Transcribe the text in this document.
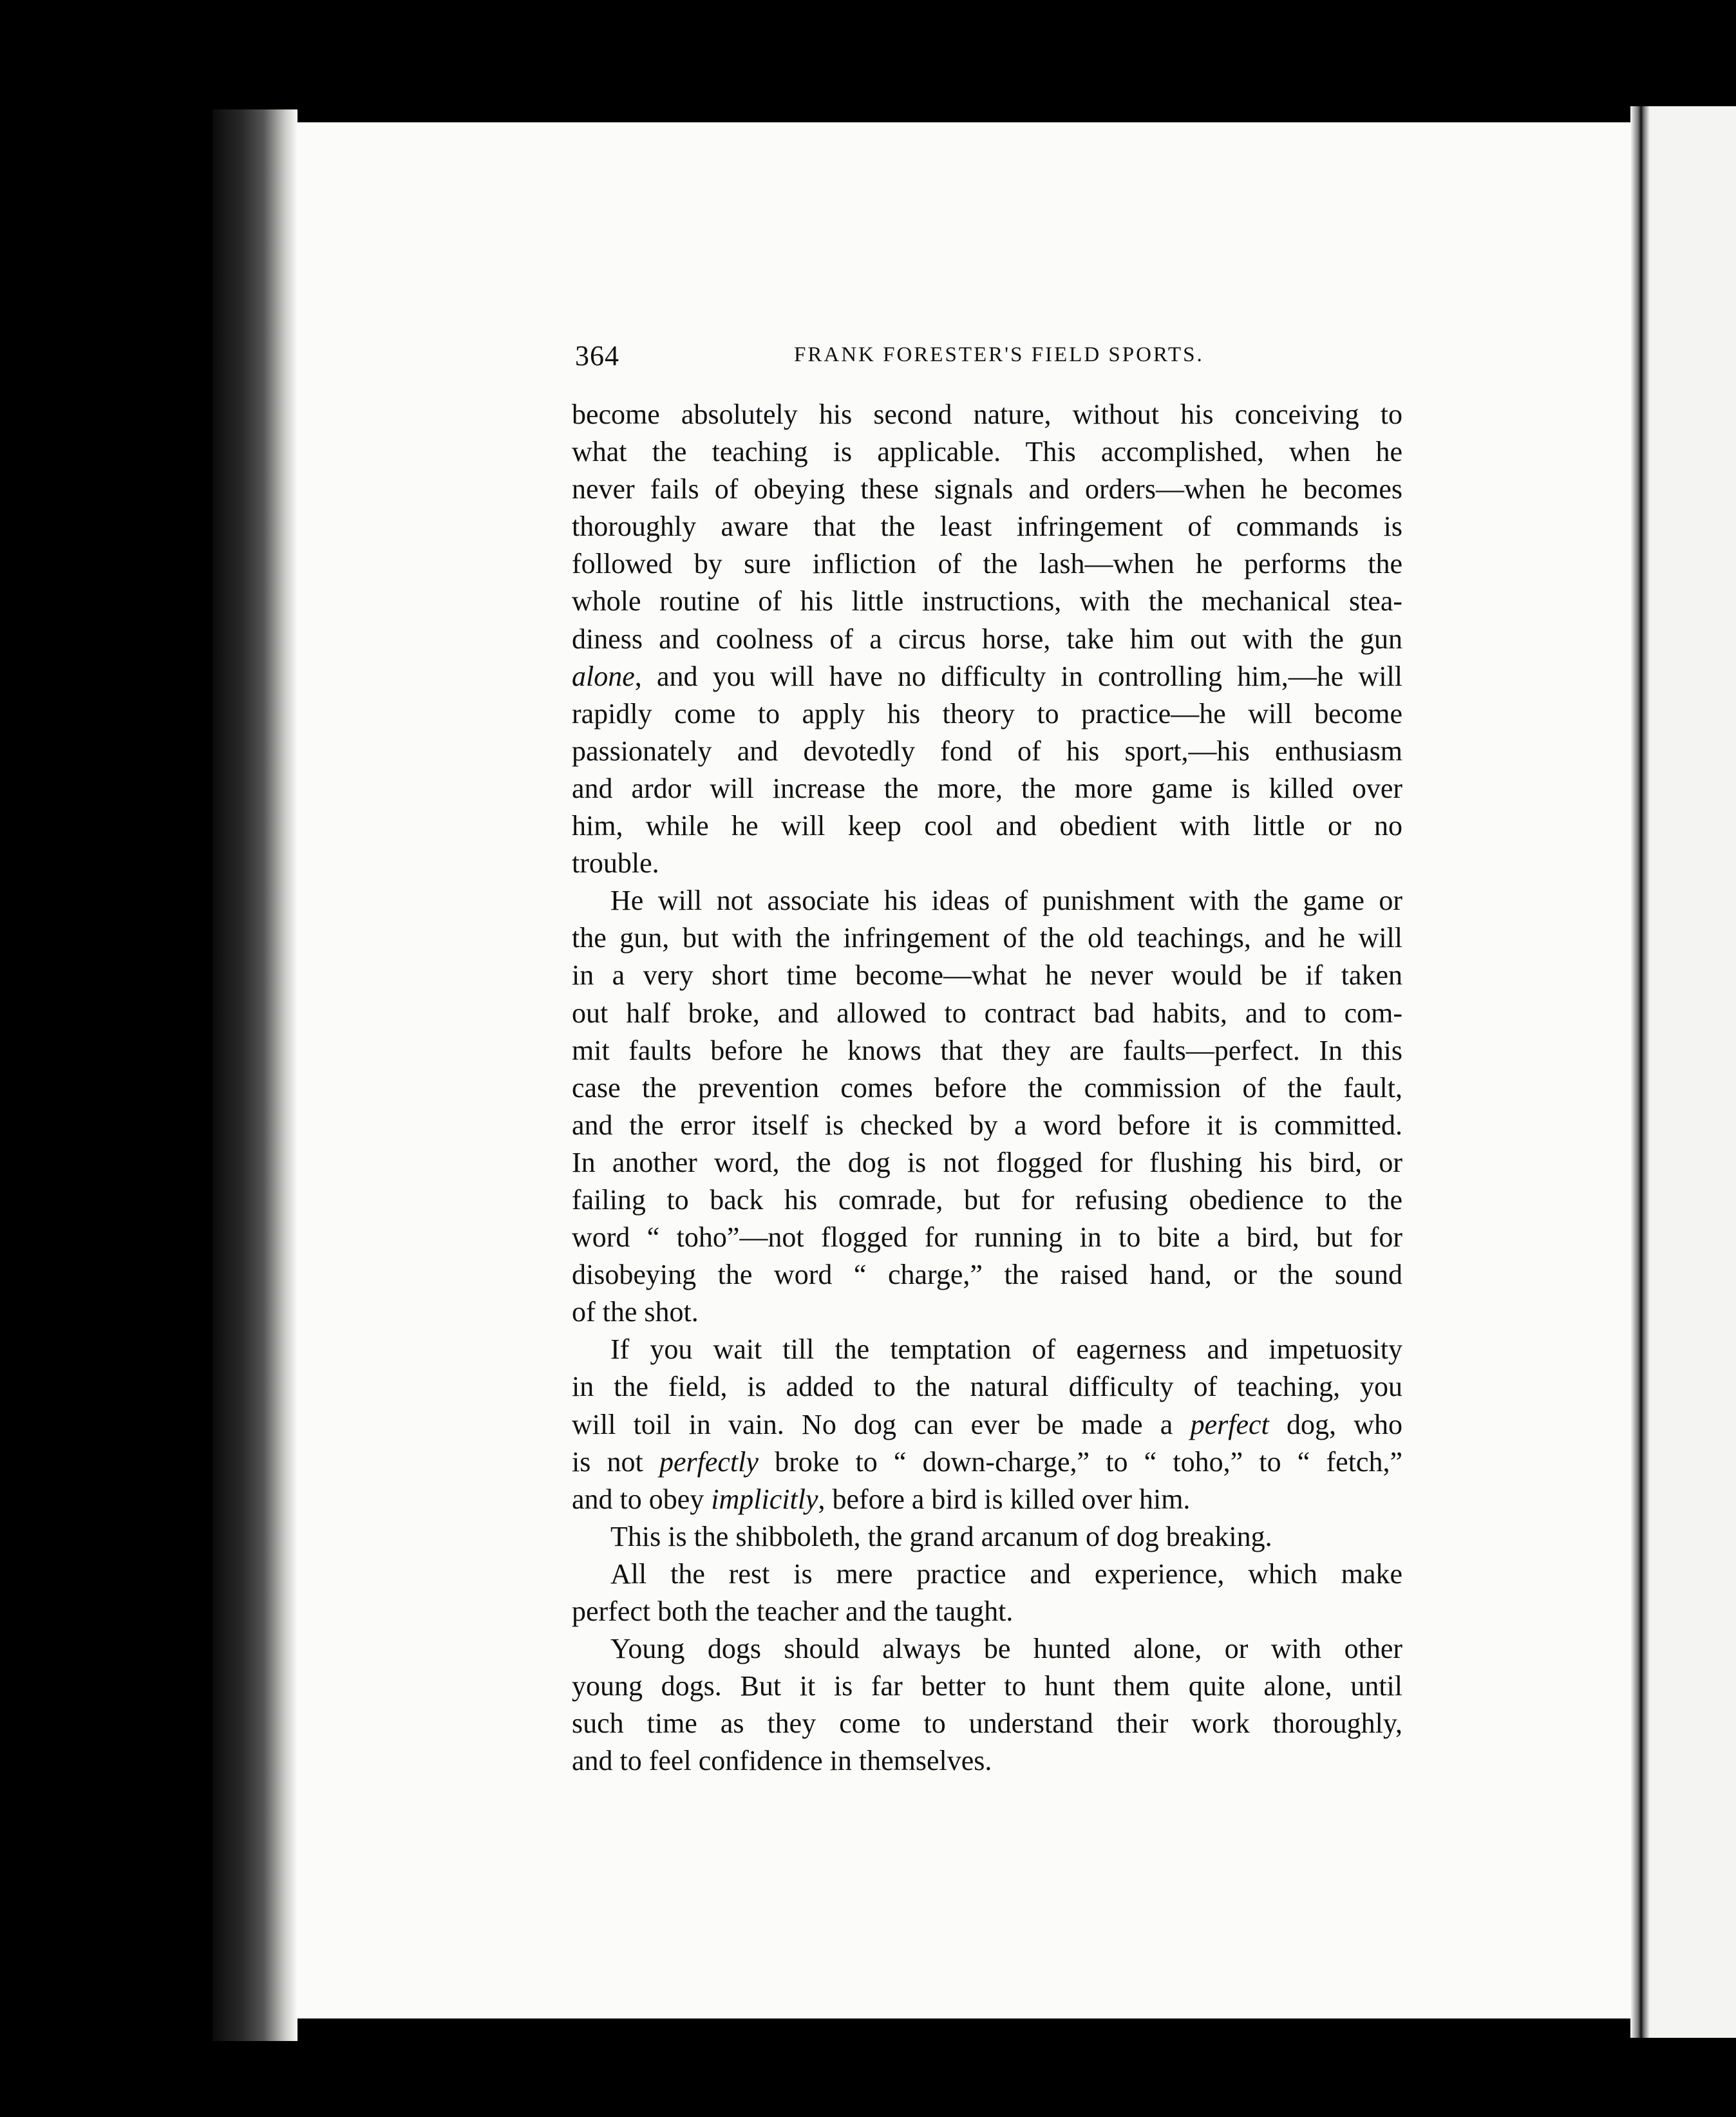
364	FRANK FORESTER'S FIELD SPORTS.
become absolutely his second nature, without his conceiving to
what the teaching is applicable. This accomplished, when he
never fails of obeying these signals and orders—when he becomes
thoroughly aware that the least infringement of commands is
followed by sure infliction of the lash—when he performs the
whole routine of his little instructions, with the mechanical stea-
diness and coolness of a circus horse, take him out with the gun
alone, and you will have no difficulty in controlling him,—he will
rapidly come to apply his theory to practice—he will become
passionately and devotedly fond of his sport,—his enthusiasm
and ardor will increase the more, the more game is killed over
him, while he will keep cool and obedient with little or no
trouble.
He will not associate his ideas of punishment with the game or
the gun, but with the infringement of the old teachings, and he will
in a very short time become—what he never would be if taken
out half broke, and allowed to contract bad habits, and to com-
mit faults before he knows that they are faults—perfect. In this
case the prevention comes before the commission of the fault,
and the error itself is checked by a word before it is committed.
In another word, the dog is not flogged for flushing his bird, or
failing to back his comrade, but for refusing obedience to the
word “ toho”—not flogged for running in to bite a bird, but for
disobeying the word “ charge,” the raised hand, or the sound
of the shot.
If you wait till the temptation of eagerness and impetuosity
in the field, is added to the natural difficulty of teaching, you
will toil in vain. No dog can ever be made a perfect dog, who
is not perfectly broke to “ down-charge,” to “ toho,” to “ fetch,”
and to obey implicitly, before a bird is killed over him.
This is the shibboleth, the grand arcanum of dog breaking.
All the rest is mere practice and experience, which make
perfect both the teacher and the taught.
Young dogs should always be hunted alone, or with other
young dogs. But it is far better to hunt them quite alone, until
such time as they come to understand their work thoroughly,
and to feel confidence in themselves.
